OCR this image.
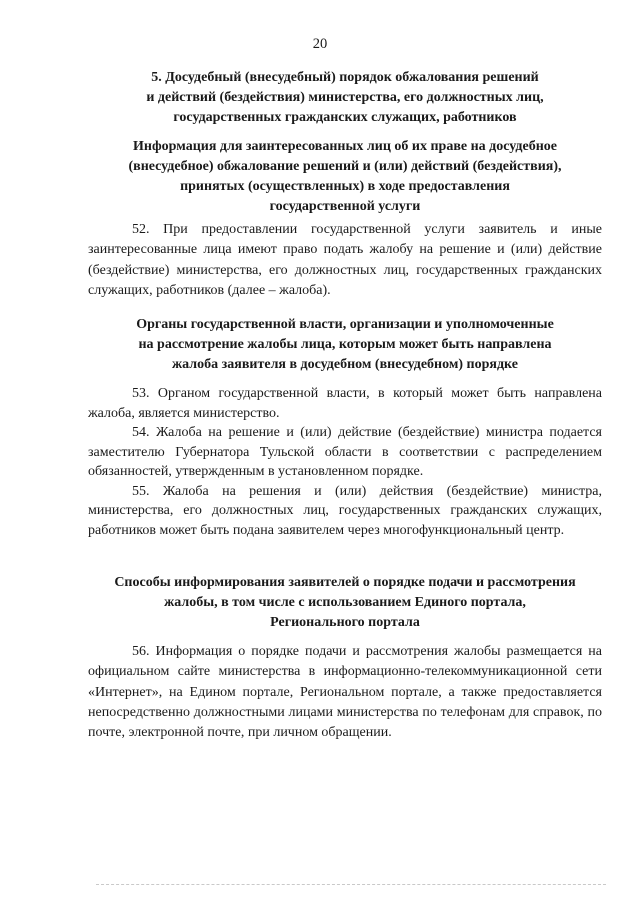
20

5. Досудебный (внесудебный) порядок обжалования решений
и действий (бездействия) министерства, его должностных лиц,
государственных гражданских служащих, работников

Информация для заинтересованных лиц об их праве на досудебное
(внесудебное) обжалование решений и (или) действий (бездействия),
принятых (осуществленных) в ходе предоставления
государственной услуги

52. При предоставлении государственной услуги заявитель и иные заинтересованные лица имеют право подать жалобу на решение и (или) действие (бездействие) министерства, его должностных лиц, государственных гражданских служащих, работников (далее – жалоба).

Органы государственной власти, организации и уполномоченные
на рассмотрение жалобы лица, которым может быть направлена
жалоба заявителя в досудебном (внесудебном) порядке

53. Органом государственной власти, в который может быть направлена жалоба, является министерство.

54. Жалоба на решение и (или) действие (бездействие) министра подается заместителю Губернатора Тульской области в соответствии с распределением обязанностей, утвержденным в установленном порядке.

55. Жалоба на решения и (или) действия (бездействие) министра, министерства, его должностных лиц, государственных гражданских служащих, работников может быть подана заявителем через многофункциональный центр.

Способы информирования заявителей о порядке подачи и рассмотрения
жалобы, в том числе с использованием Единого портала,
Регионального портала

56. Информация о порядке подачи и рассмотрения жалобы размещается на официальном сайте министерства в информационно-телекоммуникационной сети «Интернет», на Едином портале, Региональном портале, а также предоставляется непосредственно должностными лицами министерства по телефонам для справок, по почте, электронной почте, при личном обращении.
